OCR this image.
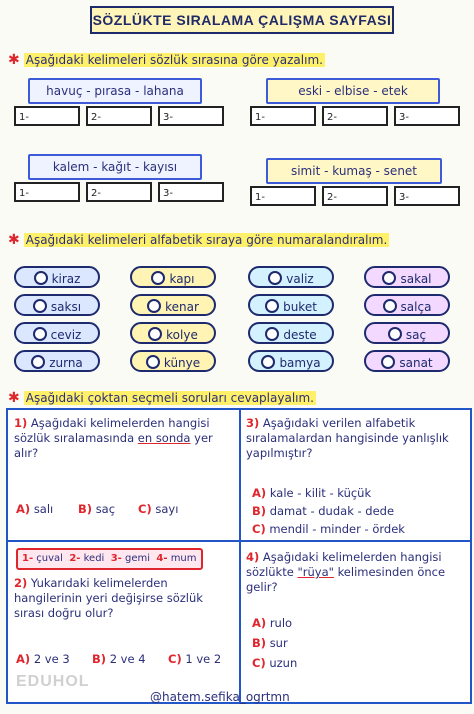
SÖZLÜKTE SIRALAMA ÇALIŞMA SAYFASI
✱ Aşağıdaki kelimeleri sözlük sırasına göre yazalım.
havuç - pırasa - lahana
1-	2-	3-
eski - elbise - etek
1-	2-	3-
kalem - kağıt - kayısı
1-	2-	3-
simit - kumaş - senet
1-	2-	3-
✱ Aşağıdaki kelimeleri alfabetik sıraya göre numaralandıralım.
kiraz
saksı
ceviz
zurna
kapı
kenar
kolye
künye
valiz
buket
deste
bamya
sakal
salça
saç
sanat
✱ Aşağıdaki çoktan seçmeli soruları cevaplayalım.
1) Aşağıdaki kelimelerden hangisi sözlük sıralamasında en sonda yer alır?
A) salı B) saç C) sayı
3) Aşağıdaki verilen alfabetik sıralamalardan hangisinde yanlışlık yapılmıştır?
A) kale - kilit - küçük
B) damat - dudak - dede
C) mendil - minder - ördek
1- çuval 2- kedi 3- gemi 4- mum
2) Yukarıdaki kelimelerden hangilerinin yeri değişirse sözlük sırası doğru olur?
A) 2 ve 3 B) 2 ve 4 C) 1 ve 2
4) Aşağıdaki kelimelerden hangisi sözlükte "rüya" kelimesinden önce gelir?
A) rulo
B) sur
C) uzun
EDUHOL
@hatem.sefika_ogrtmn
